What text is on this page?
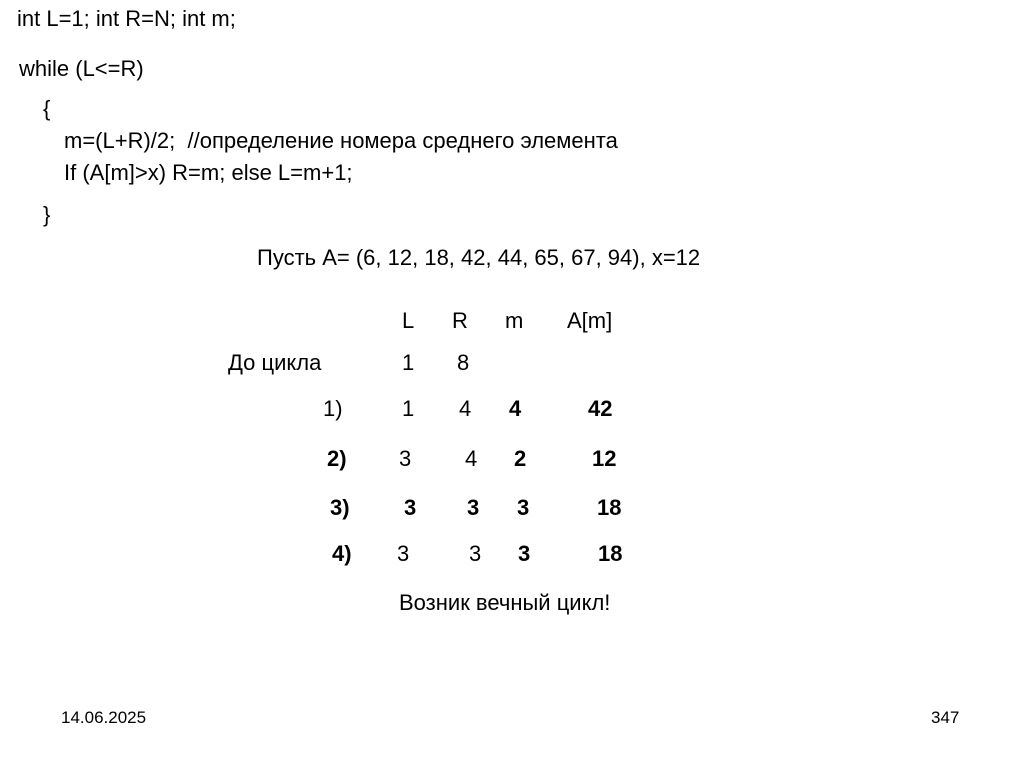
int L=1; int R=N; int m;
while (L<=R)
{
m=(L+R)/2;  //определение номера среднего элемента
If (A[m]>x) R=m; else L=m+1;
}
Пусть A= (6, 12, 18, 42, 44, 65, 67, 94), x=12
L R m A[m]
До цикла	1 8
1)	1 4 4	42
2) 3 4 2	12
3) 3 3 3	18
4) 3	3 3	18
Возник вечный цикл!
14.06.2025	347
